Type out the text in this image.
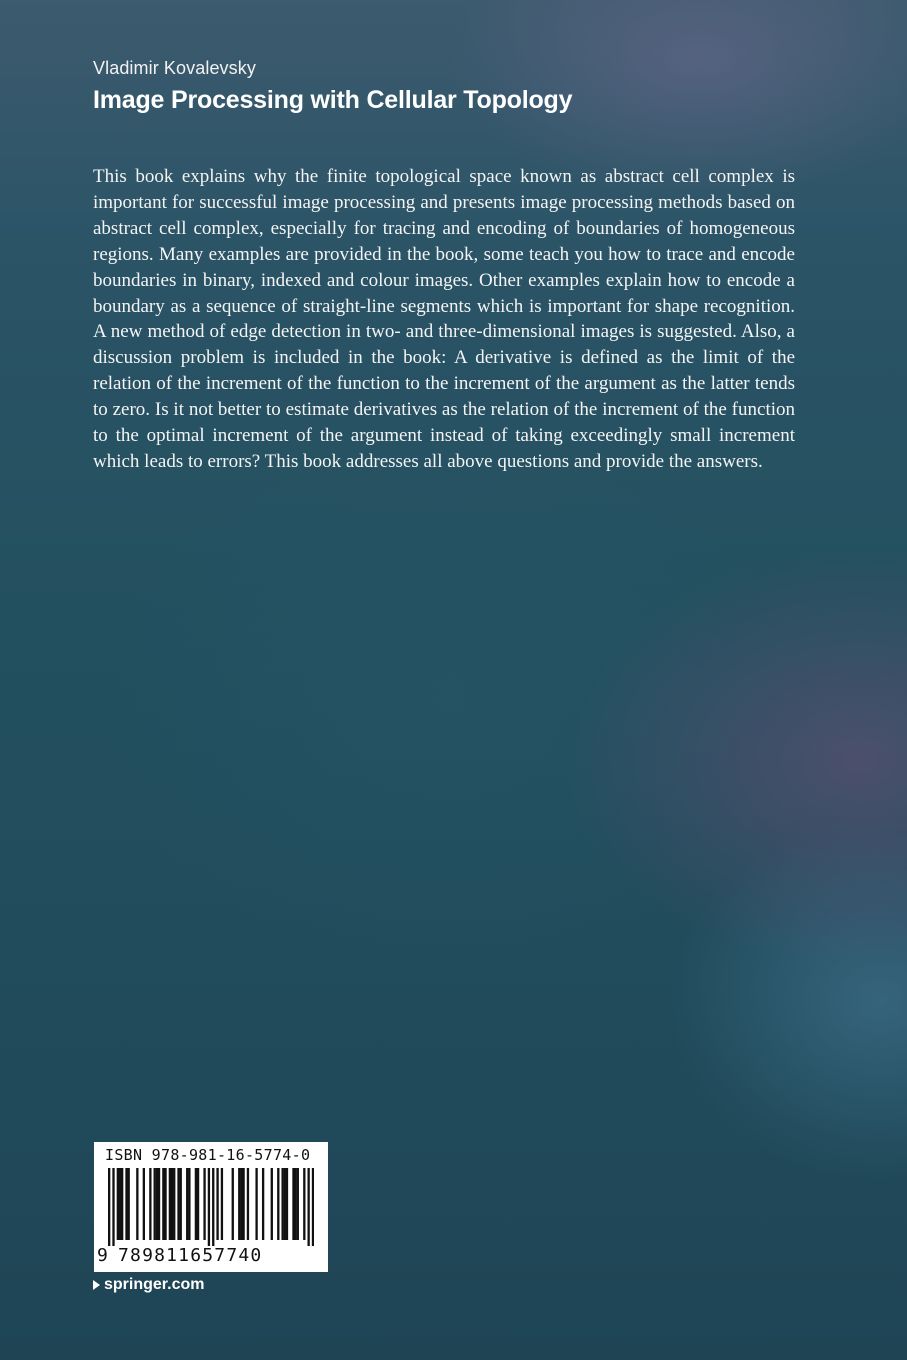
Vladimir Kovalevsky
Image Processing with Cellular Topology

This book explains why the finite topological space known as abstract cell complex is important for successful image processing and presents image processing methods based on abstract cell complex, especially for tracing and encoding of boundaries of homogeneous regions. Many examples are provided in the book, some teach you how to trace and encode boundaries in binary, indexed and colour images. Other examples explain how to encode a boundary as a sequence of straight-line segments which is important for shape recognition. A new method of edge detection in two- and three-dimensional images is suggested. Also, a discussion problem is included in the book: A derivative is defined as the limit of the relation of the increment of the function to the increment of the argument as the latter tends to zero. Is it not better to estimate derivatives as the relation of the increment of the function to the optimal increment of the argument instead of taking exceedingly small increment which leads to errors? This book addresses all above questions and provide the answers.

ISBN 978-981-16-5774-0
9 789811657740
springer.com
